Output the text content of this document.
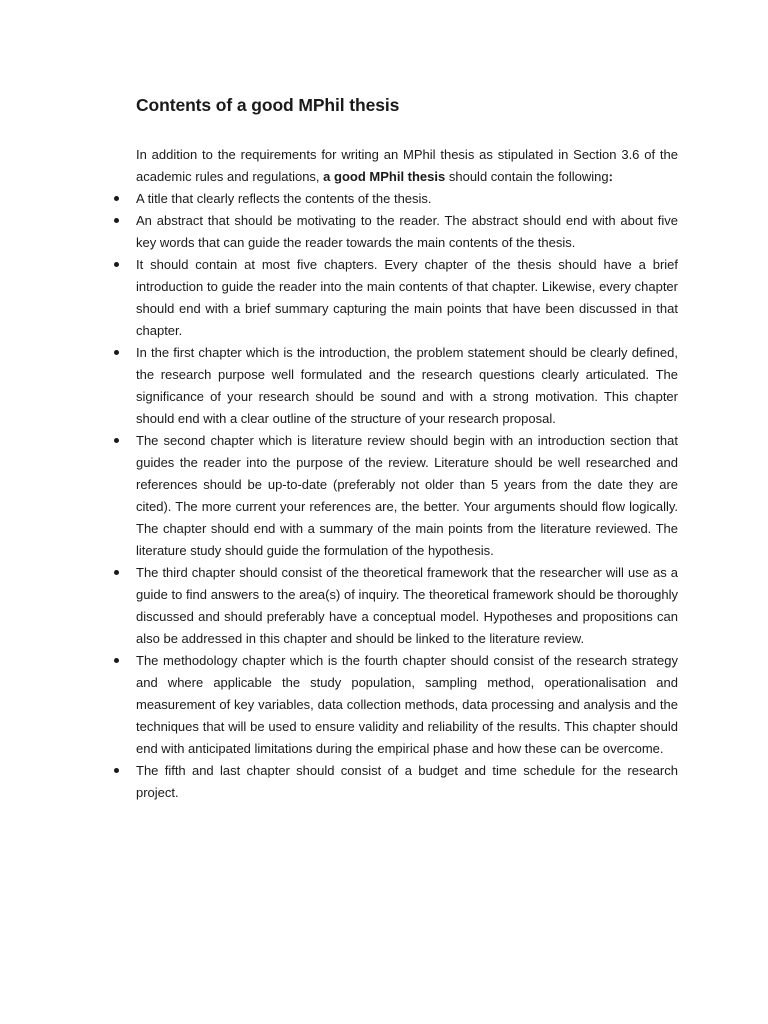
Contents of a good MPhil thesis

In addition to the requirements for writing an MPhil thesis as stipulated in Section 3.6 of the academic rules and regulations, a good MPhil thesis should contain the following:

A title that clearly reflects the contents of the thesis.
An abstract that should be motivating to the reader. The abstract should end with about five key words that can guide the reader towards the main contents of the thesis.
It should contain at most five chapters. Every chapter of the thesis should have a brief introduction to guide the reader into the main contents of that chapter. Likewise, every chapter should end with a brief summary capturing the main points that have been discussed in that chapter.
In the first chapter which is the introduction, the problem statement should be clearly defined, the research purpose well formulated and the research questions clearly articulated. The significance of your research should be sound and with a strong motivation. This chapter should end with a clear outline of the structure of your research proposal.
The second chapter which is literature review should begin with an introduction section that guides the reader into the purpose of the review. Literature should be well researched and references should be up-to-date (preferably not older than 5 years from the date they are cited). The more current your references are, the better. Your arguments should flow logically. The chapter should end with a summary of the main points from the literature reviewed. The literature study should guide the formulation of the hypothesis.
The third chapter should consist of the theoretical framework that the researcher will use as a guide to find answers to the area(s) of inquiry. The theoretical framework should be thoroughly discussed and should preferably have a conceptual model. Hypotheses and propositions can also be addressed in this chapter and should be linked to the literature review.
The methodology chapter which is the fourth chapter should consist of the research strategy and where applicable the study population, sampling method, operationalisation and measurement of key variables, data collection methods, data processing and analysis and the techniques that will be used to ensure validity and reliability of the results. This chapter should end with anticipated limitations during the empirical phase and how these can be overcome.
The fifth and last chapter should consist of a budget and time schedule for the research project.
